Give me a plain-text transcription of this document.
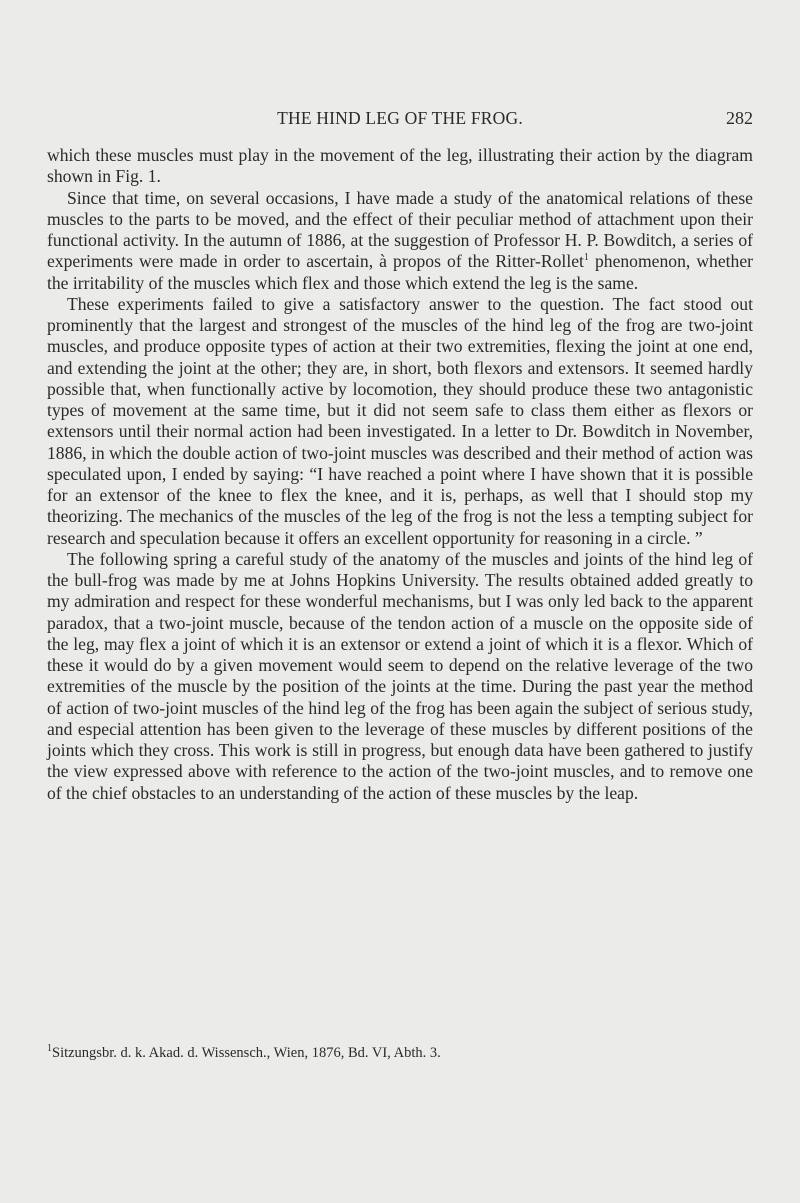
THE HIND LEG OF THE FROG.	282

which these muscles must play in the movement of the leg, illustrating their action by the diagram shown in Fig. 1.

Since that time, on several occasions, I have made a study of the anatomical relations of these muscles to the parts to be moved, and the effect of their peculiar method of attachment upon their functional activity. In the autumn of 1886, at the suggestion of Professor H. P. Bowditch, a series of experiments were made in order to ascertain, à propos of the Ritter-Rollet$^1$ phenomenon, whether the irritability of the muscles which flex and those which extend the leg is the same.

These experiments failed to give a satisfactory answer to the question. The fact stood out prominently that the largest and strongest of the muscles of the hind leg of the frog are two-joint muscles, and produce opposite types of action at their two extremities, flexing the joint at one end, and extending the joint at the other; they are, in short, both flexors and extensors. It seemed hardly possible that, when functionally active by locomotion, they should produce these two antagonistic types of movement at the same time, but it did not seem safe to class them either as flexors or extensors until their normal action had been investigated. In a letter to Dr. Bowditch in November, 1886, in which the double action of two-joint muscles was described and their method of action was speculated upon, I ended by saying: “I have reached a point where I have shown that it is possible for an extensor of the knee to flex the knee, and it is, perhaps, as well that I should stop my theorizing. The mechanics of the muscles of the leg of the frog is not the less a tempting subject for research and speculation because it offers an excellent opportunity for reasoning in a circle. ”

The following spring a careful study of the anatomy of the muscles and joints of the hind leg of the bull-frog was made by me at Johns Hopkins University. The results obtained added greatly to my admiration and respect for these wonderful mechanisms, but I was only led back to the apparent paradox, that a two-joint muscle, because of the tendon action of a muscle on the opposite side of the leg, may flex a joint of which it is an extensor or extend a joint of which it is a flexor. Which of these it would do by a given movement would seem to depend on the relative leverage of the two extremities of the muscle by the position of the joints at the time. During the past year the method of action of two-joint muscles of the hind leg of the frog has been again the subject of serious study, and especial attention has been given to the leverage of these muscles by different positions of the joints which they cross. This work is still in progress, but enough data have been gathered to justify the view expressed above with reference to the action of the two-joint muscles, and to remove one of the chief obstacles to an understanding of the action of these muscles by the leap.

$^1$Sitzungsbr. d. k. Akad. d. Wissensch., Wien, 1876, Bd. VI, Abth. 3.
